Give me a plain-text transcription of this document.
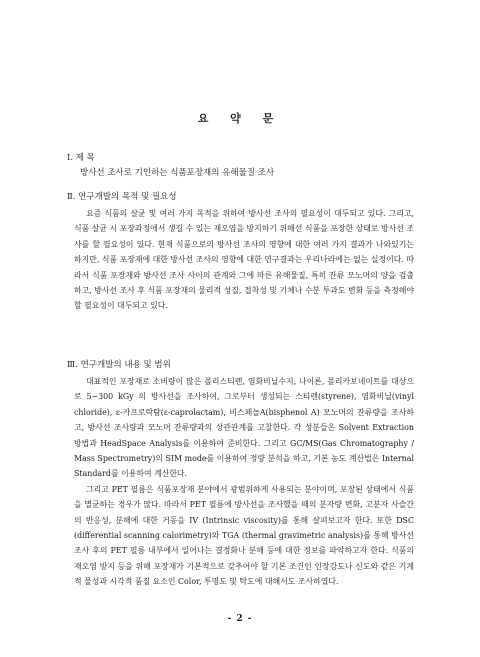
요 약 문
Ⅰ. 제 목
방사선 조사로 기인하는 식품포장재의 유해물질 조사
Ⅱ. 연구개발의 목적 및 필요성

요즘 식품의 살균 및 여러 가지 목적을 위하여 방사선 조사의 필요성이 대두되고 있다. 그리고, 식품 살균 시 포장과정에서 생길 수 있는 재오염을 방지하기 위해선 식품을 포장한 상태로 방사선 조사를 할 필요성이 있다. 현재 식품으로의 방사선 조사의 영향에 대한 여러 가지 결과가 나와있기는 하지만, 식품 포장재에 대한 방사선 조사의 영향에 대한 연구결과는 우리나라에는 없는 실정이다. 따라서 식품 포장재와 방사선 조사 사이의 관계와 그에 따른 유해물질, 특히 잔류 모노머의 양을 검출하고, 방사선 조사 후 식품 포장재의 물리적 성질, 접착성 및 기체나 수분 투과도 변화 등을 측정해야 할 필요성이 대두되고 있다.

Ⅲ. 연구개발의 내용 및 범위

대표적인 포장재로 소비량이 많은 폴리스티렌, 염화비닐수지, 나이론, 폴리카보네이트를 대상으로 5~300 kGy 의 방사선을 조사하여, 그로부터 생성되는 스티렌(styrene), 염화비닐(vinyl chloride), ε-카프로락탐(ε-caprolactam), 비스페놀A(bisphenol A) 모노머의 잔류량을 조사하고, 방사선 조사량과 모노머 잔류량과의 상관관계를 고찰한다. 각 성분들은 Solvent Extraction 방법과 HeadSpace Analysis를 이용하여 준비한다. 그리고 GC/MS(Gas Chromatography / Mass Spectrometry)의 SIM mode를 이용하여 정량 분석을 하고, 기본 농도 계산법은 Internal Standard를 이용하여 계산한다.

그리고 PET 필름은 식품포장재 분야에서 광범위하게 사용되는 분야이며, 포장된 상태에서 식품을 멸균하는 경우가 많다. 따라서 PET 필름에 방사선을 조사했을 때의 분자량 변화, 고분자 사슬간의 반응성, 분해에 대한 거동을 IV (Intrinsic viscosity)를 통해 살펴보고자 한다. 또한 DSC (differential scanning calorimetry)와 TGA (thermal gravimetric analysis)를 통해 방사선 조사 후의 PET 필름 내부에서 일어나는 결정화나 분해 등에 대한 정보를 파악하고자 한다. 식품의 재오염 방지 등을 위해 포장재가 기본적으로 갖추어야 할 기본 조건인 인장강도나 신도와 같은 기계적 물성과 시각적 품질 요소인 Color, 투명도 및 탁도에 대해서도 조사하였다.

- 2 -
